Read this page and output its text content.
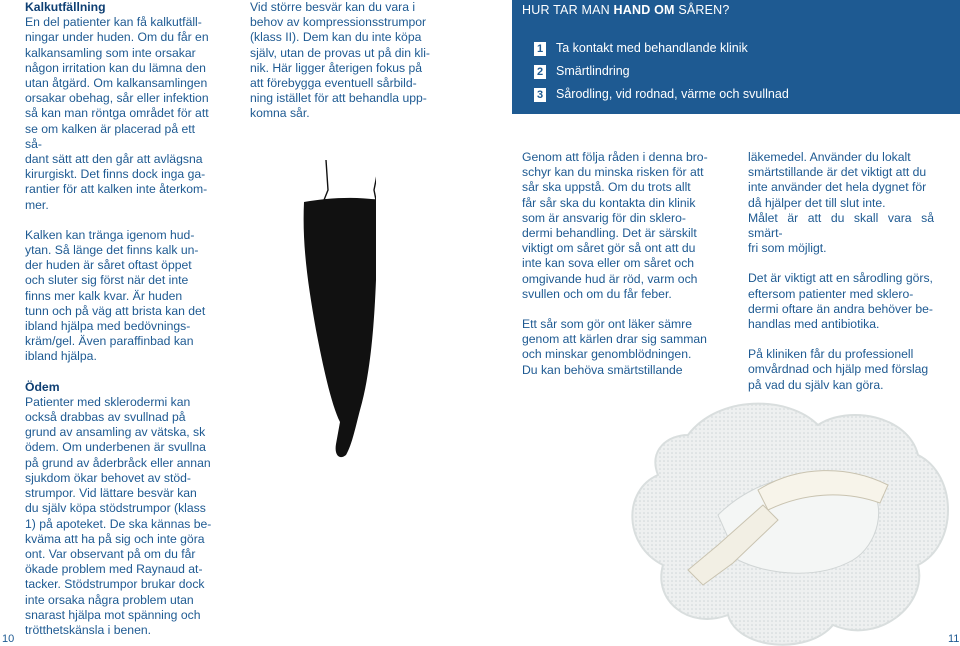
Kalkutfällning

En del patienter kan få kalkutfäll-
ningar under huden. Om du får en
kalkansamling som inte orsakar
någon irritation kan du lämna den
utan åtgärd. Om kalkansamlingen
orsakar obehag, sår eller infektion
så kan man röntga området för att
se om kalken är placerad på ett så-
dant sätt att den går att avlägsna
kirurgiskt. Det finns dock inga ga-
rantier för att kalken inte återkom-
mer.
Kalken kan tränga igenom hud-
ytan. Så länge det finns kalk un-
der huden är såret oftast öppet
och sluter sig först när det inte
finns mer kalk kvar. Är huden
tunn och på väg att brista kan det
ibland hjälpa med bedövnings-
kräm/gel. Även paraffinbad kan
ibland hjälpa.

Ödem

Patienter med sklerodermi kan
också drabbas av svullnad på
grund av ansamling av vätska, sk
ödem. Om underbenen är svullna
på grund av åderbråck eller annan
sjukdom ökar behovet av stöd-
strumpor. Vid lättare besvär kan
du själv köpa stödstrumpor (klass
1) på apoteket. De ska kännas be-
kväma att ha på sig och inte göra
ont. Var observant på om du får
ökade problem med Raynaud at-
tacker. Stödstrumpor brukar dock
inte orsaka några problem utan
snarast hjälpa mot spänning och
trötthetskänsla i benen.
Vid större besvär kan du vara i
behov av kompressionsstrumpor
(klass II). Dem kan du inte köpa
själv, utan de provas ut på din kli-
nik. Här ligger återigen fokus på
att förebygga eventuell sårbild-
ning istället för att behandla upp-
komna sår.
HUR TAR MAN HAND OM SÅREN?
1 Ta kontakt med behandlande klinik
2 Smärtlindring
3 Sårodling, vid rodnad, värme och svullnad
Genom att följa råden i denna bro-
schyr kan du minska risken för att
sår ska uppstå. Om du trots allt
får sår ska du kontakta din klinik
som är ansvarig för din sklero-
dermi behandling. Det är särskilt
viktigt om såret gör så ont att du
inte kan sova eller om såret och
omgivande hud är röd, varm och
svullen och om du får feber.
Ett sår som gör ont läker sämre
genom att kärlen drar sig samman
och minskar genomblödningen.
Du kan behöva smärtstillande
läkemedel. Använder du lokalt
smärtstillande är det viktigt att du
inte använder det hela dygnet för
då hjälper det till slut inte.
Målet är att du skall vara så smärt-
fri som möjligt.
Det är viktigt att en sårodling görs,
eftersom patienter med sklero-
dermi oftare än andra behöver be-
handlas med antibiotika.
På kliniken får du professionell
omvårdnad och hjälp med förslag
på vad du själv kan göra.
10	11
